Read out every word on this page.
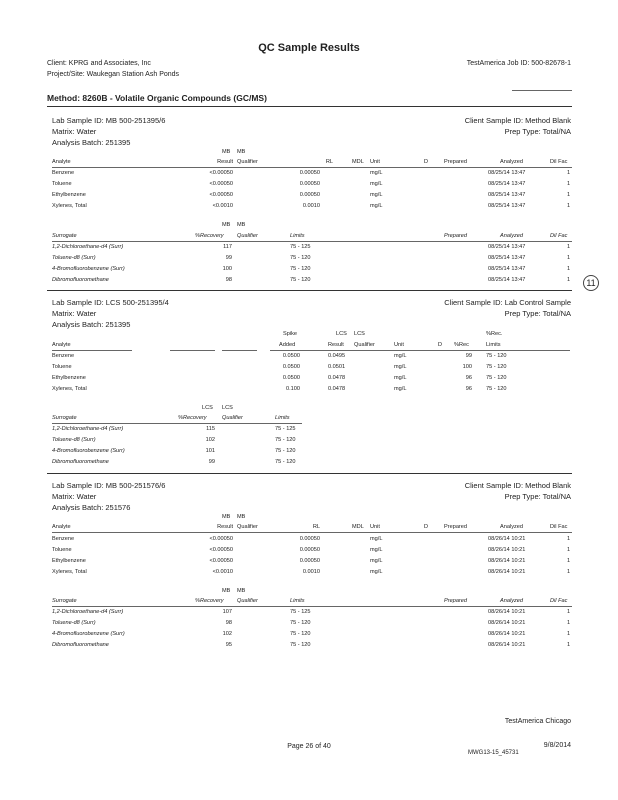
QC Sample Results
Client: KPRG and Associates, Inc	TestAmerica Job ID: 500-82678-1
Project/Site: Waukegan Station Ash Ponds
Method: 8260B - Volatile Organic Compounds (GC/MS)
Lab Sample ID: MB 500-251395/6	Client Sample ID: Method Blank
Matrix: Water	Prep Type: Total/NA
Analysis Batch: 251395
MB MB
Analyte	Result Qualifier	RL	MDL Unit	D	Prepared	Analyzed	Dil Fac
Benzene	<0.00050	0.00050	mg/L	08/25/14 13:47	1
Toluene	<0.00050	0.00050	mg/L	08/25/14 13:47	1
Ethylbenzene	<0.00050	0.00050	mg/L	08/25/14 13:47	1
Xylenes, Total	<0.0010	0.0010	mg/L	08/25/14 13:47	1
MB MB
Surrogate	%Recovery Qualifier	Limits	Prepared	Analyzed	Dil Fac
1,2-Dichloroethane-d4 (Surr)	117	75 - 125	08/25/14 13:47	1
Toluene-d8 (Surr)	99	75 - 120	08/25/14 13:47	1
4-Bromofluorobenzene (Surr)	100	75 - 120	08/25/14 13:47	1
Dibromofluoromethane	98	75 - 120	08/25/14 13:47	1	11
Lab Sample ID: LCS 500-251395/4	Client Sample ID: Lab Control Sample
Matrix: Water	Prep Type: Total/NA
Analysis Batch: 251395
Spike	LCS LCS	%Rec.
Analyte	Added	Result Qualifier	Unit	D %Rec	Limits
Benzene	0.0500	0.0495	mg/L	99	75 - 120
Toluene	0.0500	0.0501	mg/L	100	75 - 120
Ethylbenzene	0.0500	0.0478	mg/L	96	75 - 120
Xylenes, Total	0.100	0.0478	mg/L	96	75 - 120
LCS LCS
Surrogate	%Recovery	Qualifier	Limits
1,2-Dichloroethane-d4 (Surr)	115	75 - 125
Toluene-d8 (Surr)	102	75 - 120
4-Bromofluorobenzene (Surr)	101	75 - 120
Dibromofluoromethane	99	75 - 120
Lab Sample ID: MB 500-251576/6	Client Sample ID: Method Blank
Matrix: Water	Prep Type: Total/NA
Analysis Batch: 251576
MB MB
Analyte	Result Qualifier	RL	MDL Unit	D	Prepared	Analyzed	Dil Fac
Benzene	<0.00050	0.00050	mg/L	08/26/14 10:21	1
Toluene	<0.00050	0.00050	mg/L	08/26/14 10:21	1
Ethylbenzene	<0.00050	0.00050	mg/L	08/26/14 10:21	1
Xylenes, Total	<0.0010	0.0010	mg/L	08/26/14 10:21	1
MB MB
Surrogate	%Recovery Qualifier	Limits	Prepared	Analyzed	Dil Fac
1,2-Dichloroethane-d4 (Surr)	107	75 - 125	08/26/14 10:21	1
Toluene-d8 (Surr)	98	75 - 120	08/26/14 10:21	1
4-Bromofluorobenzene (Surr)	102	75 - 120	08/26/14 10:21	1
Dibromofluoromethane	95	75 - 120	08/26/14 10:21	1
TestAmerica Chicago
Page 26 of 40	9/8/2014
MWG13-15_45731
